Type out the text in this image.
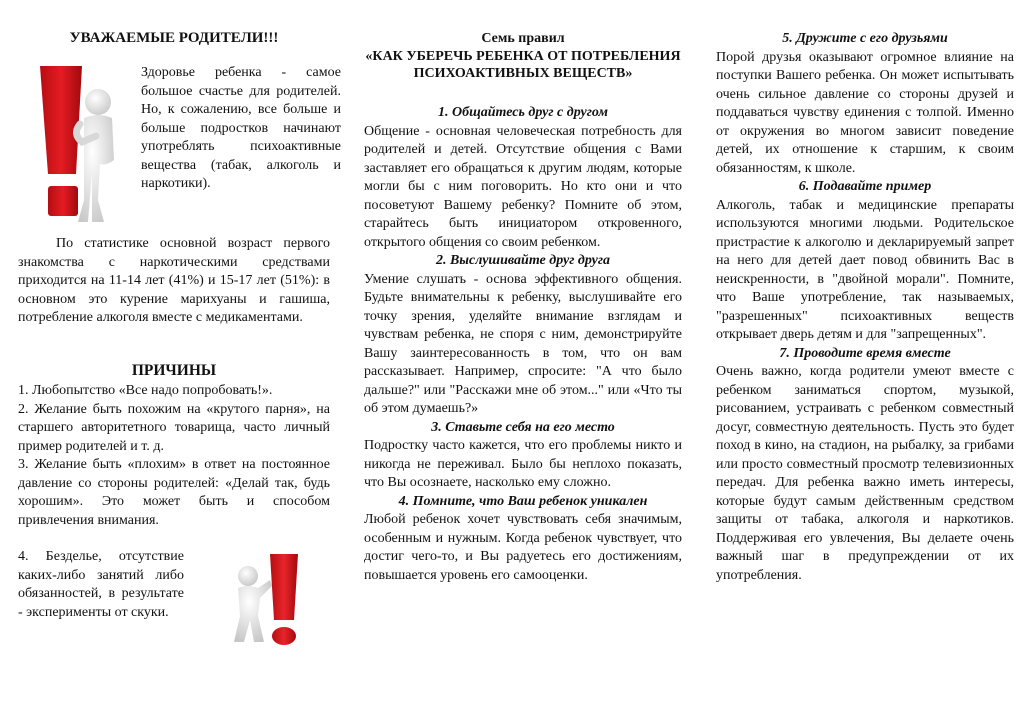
УВАЖАЕМЫЕ РОДИТЕЛИ!!!
Здоровье ребенка - самое большое счастье для родителей. Но, к сожалению, все больше и больше подростков начинают употреблять психоактивные вещества (табак, алкоголь и наркотики).

По статистике основной возраст первого знакомства с наркотическими средствами приходится на 11-14 лет (41%) и 15-17 лет (51%): в основном это курение марихуаны и гашиша, потребление алкоголя вместе с медикаментами.

ПРИЧИНЫ

1. Любопытство «Все надо попробовать!».

2. Желание быть похожим на «крутого парня», на старшего авторитетного товарища, часто личный пример родителей и т. д.

3. Желание быть «плохим» в ответ на постоянное давление со стороны родителей: «Делай так, будь хорошим». Это может быть и способом привлечения внимания.

4. Безделье, отсутствие каких-либо занятий либо обязанностей, в результате - эксперименты от скуки.

Семь правил
«КАК УБЕРЕЧЬ РЕБЕНКА ОТ ПОТРЕБЛЕНИЯ ПСИХОАКТИВНЫХ ВЕЩЕСТВ»

1. Общайтесь друг с другом

Общение - основная человеческая потребность для родителей и детей. Отсутствие общения с Вами заставляет его обращаться к другим людям, которые могли бы с ним поговорить. Но кто они и что посоветуют Вашему ребенку? Помните об этом, старайтесь быть инициатором откровенного, открытого общения со своим ребенком.

2. Выслушивайте друг друга

Умение слушать - основа эффективного общения. Будьте внимательны к ребенку, выслушивайте его точку зрения, уделяйте внимание взглядам и чувствам ребенка, не споря с ним, демонстрируйте Вашу заинтересованность в том, что он вам рассказывает. Например, спросите: "А что было дальше?" или "Расскажи мне об этом..." или «Что ты об этом думаешь?»

3. Ставьте себя на его место

Подростку часто кажется, что его проблемы никто и никогда не переживал. Было бы неплохо показать, что Вы осознаете, насколько ему сложно.

4. Помните, что Ваш ребенок уникален

Любой ребенок хочет чувствовать себя значимым, особенным и нужным. Когда ребенок чувствует, что достиг чего-то, и Вы радуетесь его достижениям, повышается уровень его самооценки.

5. Дружите с его друзьями

Порой друзья оказывают огромное влияние на поступки Вашего ребенка. Он может испытывать очень сильное давление со стороны друзей и поддаваться чувству единения с толпой. Именно от окружения во многом зависит поведение детей, их отношение к старшим, к своим обязанностям, к школе.

6. Подавайте пример

Алкоголь, табак и медицинские препараты используются многими людьми. Родительское пристрастие к алкоголю и декларируемый запрет на него для детей дает повод обвинить Вас в неискренности, в "двойной морали". Помните, что Ваше употребление, так называемых, "разрешенных" психоактивных веществ открывает дверь детям и для "запрещенных".

7. Проводите время вместе

Очень важно, когда родители умеют вместе с ребенком заниматься спортом, музыкой, рисованием, устраивать с ребенком совместный досуг, совместную деятельность. Пусть это будет поход в кино, на стадион, на рыбалку, за грибами или просто совместный просмотр телевизионных передач. Для ребенка важно иметь интересы, которые будут самым действенным средством защиты от табака, алкоголя и наркотиков. Поддерживая его увлечения, Вы делаете очень важный шаг в предупреждении от их употребления.
